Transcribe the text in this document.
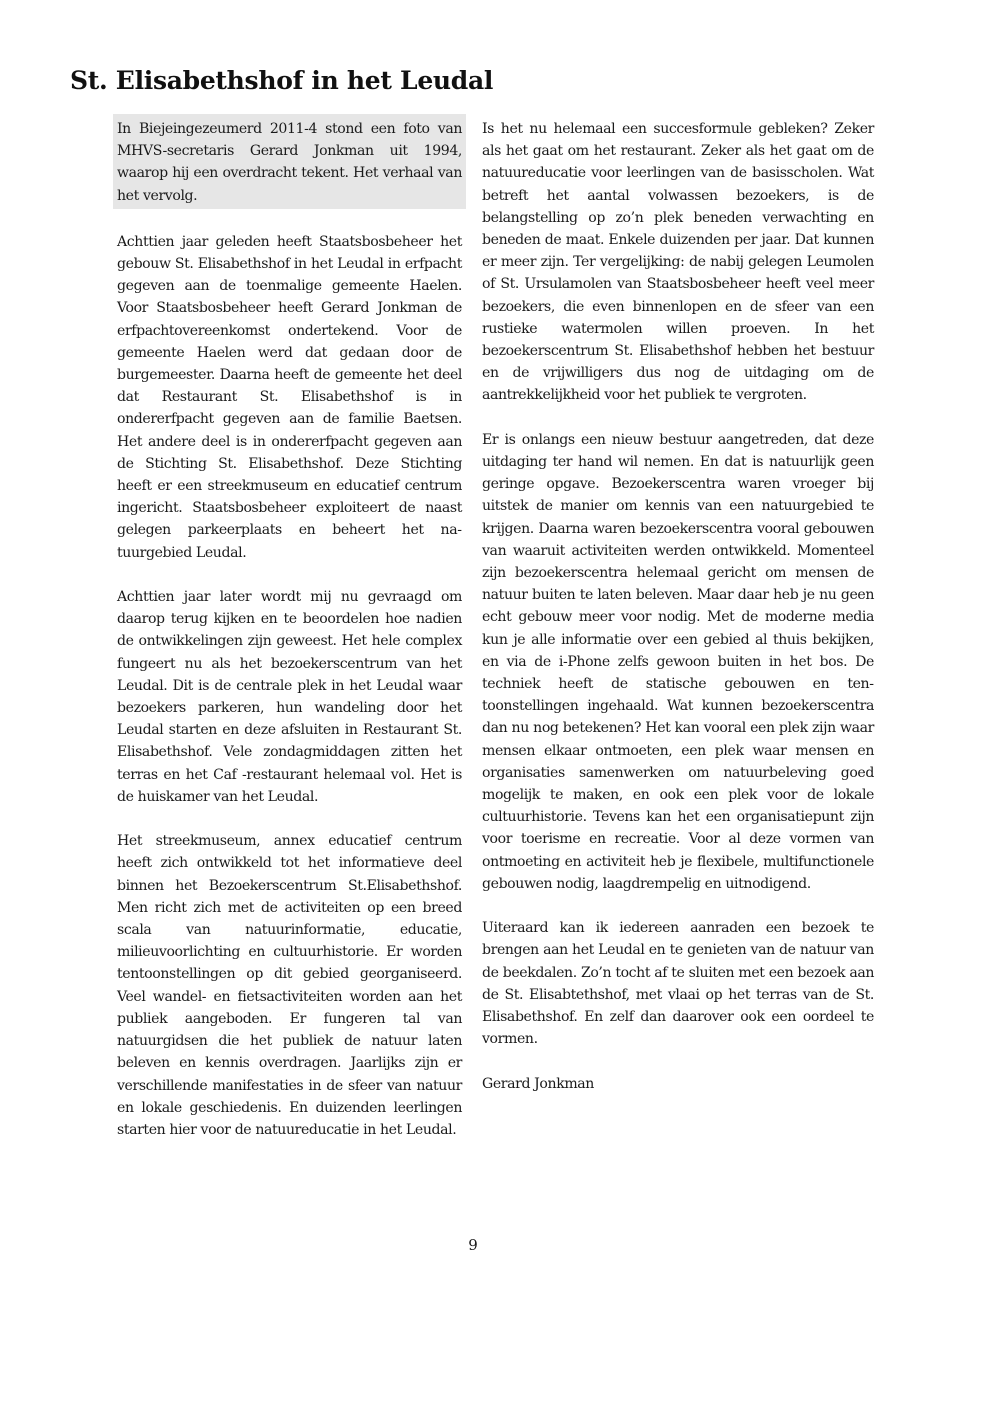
St. Elisabethshof in het Leudal

In Biejeingezeumerd 2011-4 stond een foto van MHVS-secretaris Gerard Jonkman uit 1994, waarop hij een overdracht tekent. Het verhaal van het vervolg.

Achttien jaar geleden heeft Staatsbosbeheer het gebouw St. Elisabethshof in het Leudal in erfpacht gegeven aan de toenmalige gemeente Haelen. Voor Staatsbosbeheer heeft Gerard Jonkman de erfpachtovereenkomst ondertekend. Voor de gemeente Haelen werd dat gedaan door de burgemeester. Daarna heeft de gemeente het deel dat Restaurant St. Elisabethshof is in ondererfpacht gegeven aan de familie Baetsen. Het andere deel is in ondererfpacht gegeven aan de Stichting St. Elisabethshof. Deze Stichting heeft er een streekmuseum en educatief centrum ingericht. Staatsbosbeheer exploiteert de naast gelegen parkeerplaats en beheert het natuurgebied Leudal.

Achttien jaar later wordt mij nu gevraagd om daarop terug kijken en te beoordelen hoe nadien de ontwikkelingen zijn geweest. Het hele complex fungeert nu als het bezoekerscentrum van het Leudal. Dit is de centrale plek in het Leudal waar bezoekers parkeren, hun wandeling door het Leudal starten en deze afsluiten in Restaurant St. Elisabethshof. Vele zondagmiddagen zitten het terras en het Caf -restaurant helemaal vol. Het is de huiskamer van het Leudal.

Het streekmuseum, annex educatief centrum heeft zich ontwikkeld tot het informatieve deel binnen het Bezoekerscentrum St.Elisabethshof. Men richt zich met de activiteiten op een breed scala van natuurinformatie, educatie, milieuvoorlichting en cultuurhistorie. Er worden tentoonstellingen op dit gebied georganiseerd. Veel wandel- en fietsactiviteiten worden aan het publiek aangeboden. Er fungeren tal van natuurgidsen die het publiek de natuur laten beleven en kennis overdragen. Jaarlijks zijn er verschillende manifestaties in de sfeer van natuur en lokale geschiedenis. En duizenden leerlingen starten hier voor de natuureducatie in het Leudal.

Is het nu helemaal een succesformule gebleken? Zeker als het gaat om het restaurant. Zeker als het gaat om de natuureducatie voor leerlingen van de basisscholen. Wat betreft het aantal volwassen bezoekers, is de belangstelling op zo’n plek beneden verwachting en beneden de maat. Enkele duizenden per jaar. Dat kunnen er meer zijn. Ter vergelijking: de nabij gelegen Leumolen of St. Ursulamolen van Staatsbosbeheer heeft veel meer bezoekers, die even binnenlopen en de sfeer van een rustieke watermolen willen proeven. In het bezoekerscentrum St. Elisabethshof hebben het bestuur en de vrijwilligers dus nog de uitdaging om de aantrekkelijkheid voor het publiek te vergroten.

Er is onlangs een nieuw bestuur aangetreden, dat deze uitdaging ter hand wil nemen. En dat is natuurlijk geen geringe opgave. Bezoekerscentra waren vroeger bij uitstek de manier om kennis van een natuurgebied te krijgen. Daarna waren bezoekerscentra vooral gebouwen van waaruit activiteiten werden ontwikkeld. Momenteel zijn bezoekerscentra helemaal gericht om mensen de natuur buiten te laten beleven. Maar daar heb je nu geen echt gebouw meer voor nodig. Met de moderne media kun je alle informatie over een gebied al thuis bekijken, en via de i-Phone zelfs gewoon buiten in het bos. De techniek heeft de statische gebouwen en tentoonstellingen ingehaald. Wat kunnen bezoekerscentra dan nu nog betekenen? Het kan vooral een plek zijn waar mensen elkaar ontmoeten, een plek waar mensen en organisaties samenwerken om natuurbeleving goed mogelijk te maken, en ook een plek voor de lokale cultuurhistorie. Tevens kan het een organisatiepunt zijn voor toerisme en recreatie. Voor al deze vormen van ontmoeting en activiteit heb je flexibele, multifunctionele gebouwen nodig, laagdrempelig en uitnodigend.

Uiteraard kan ik iedereen aanraden een bezoek te brengen aan het Leudal en te genieten van de natuur van de beekdalen. Zo’n tocht af te sluiten met een bezoek aan de St. Elisabtethshof, met vlaai op het terras van de St. Elisabethshof. En zelf dan daarover ook een oordeel te vormen.

Gerard Jonkman

9
